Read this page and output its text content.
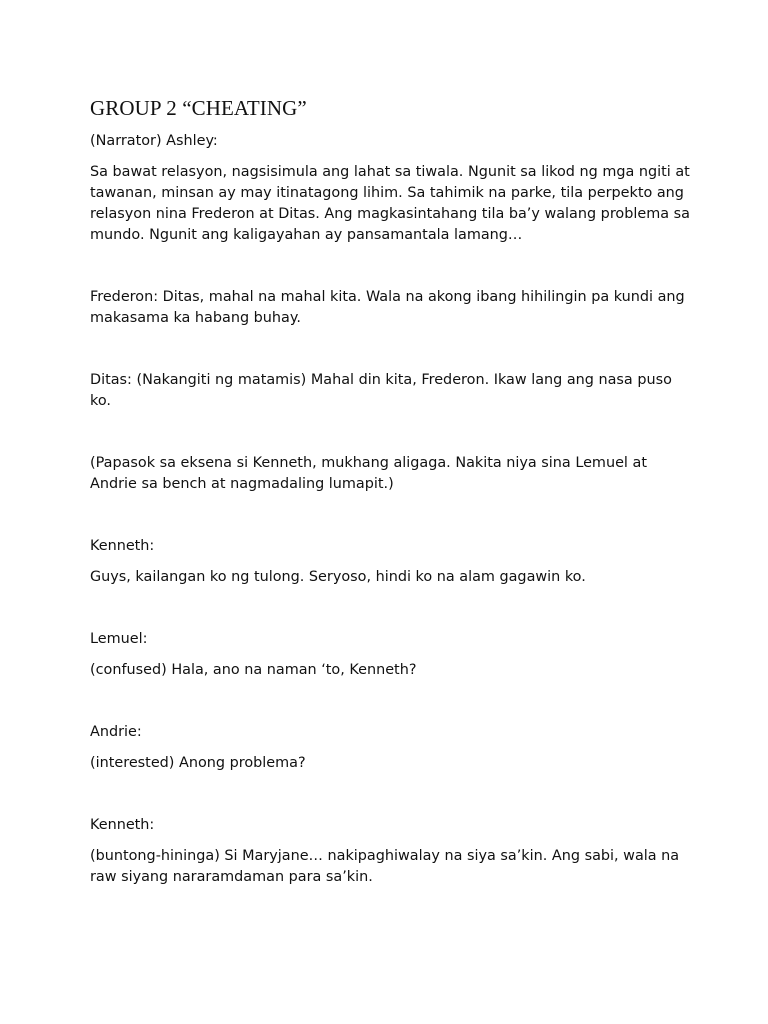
GROUP 2 “CHEATING”

(Narrator) Ashley:

Sa bawat relasyon, nagsisimula ang lahat sa tiwala. Ngunit sa likod ng mga ngiti at tawanan, minsan ay may itinatagong lihim. Sa tahimik na parke, tila perpekto ang relasyon nina Frederon at Ditas. Ang magkasintahang tila ba’y walang problema sa mundo. Ngunit ang kaligayahan ay pansamantala lamang…

Frederon: Ditas, mahal na mahal kita. Wala na akong ibang hihilingin pa kundi ang makasama ka habang buhay.

Ditas: (Nakangiti ng matamis) Mahal din kita, Frederon. Ikaw lang ang nasa puso ko.

(Papasok sa eksena si Kenneth, mukhang aligaga. Nakita niya sina Lemuel at Andrie sa bench at nagmadaling lumapit.)

Kenneth:

Guys, kailangan ko ng tulong. Seryoso, hindi ko na alam gagawin ko.

Lemuel:

(confused) Hala, ano na naman ‘to, Kenneth?

Andrie:

(interested) Anong problema?

Kenneth:

(buntong-hininga) Si Maryjane… nakipaghiwalay na siya sa’kin. Ang sabi, wala na raw siyang nararamdaman para sa’kin.
